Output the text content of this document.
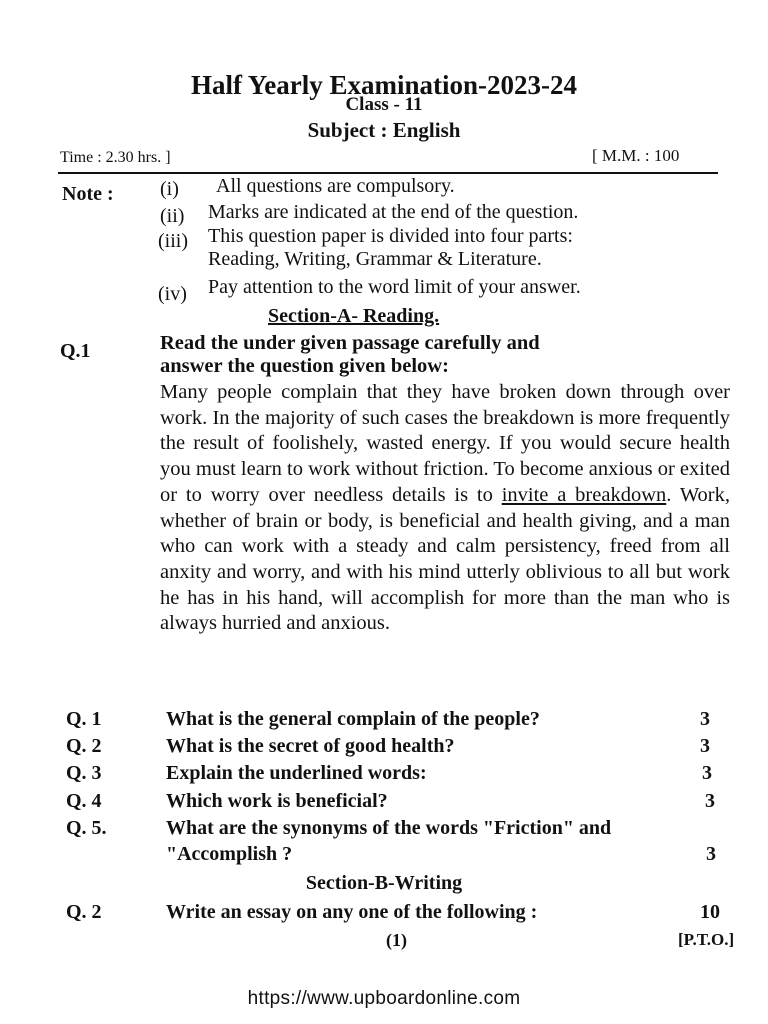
Half Yearly Examination-2023-24
Class - 11
Subject : English
Time : 2.30 hrs. ]	[ M.M. : 100
Note : (i) All questions are compulsory.
(ii) Marks are indicated at the end of the question.
(iii) This question paper is divided into four parts:
Reading, Writing, Grammar & Literature.
(iv) Pay attention to the word limit of your answer.
Section-A- Reading.
Q.1	Read the under given passage carefully and
answer the question given below:
Many people complain that they have broken down through over work. In the majority of such cases the breakdown is more frequently the result of foolishely, wasted energy. If you would secure health you must learn to work without friction. To become anxious or exited or to worry over needless details is to invite a breakdown. Work, whether of brain or body, is beneficial and health giving, and a man who can work with a steady and calm persistency, freed from all anxity and worry, and with his mind utterly oblivious to all but work he has in his hand, will accomplish for more than the man who is always hurried and anxious.
Q. 1	What is the general complain of the people?	3
Q. 2	What is the secret of good health?	3
Q. 3	Explain the underlined words:	3
Q. 4	Which work is beneficial?	3
Q. 5.	What are the synonyms of the words "Friction" and
"Accomplish ?	3
Section-B-Writing
Q. 2	Write an essay on any one of the following :	10
(1)	[P.T.O.]
https://www.upboardonline.com
